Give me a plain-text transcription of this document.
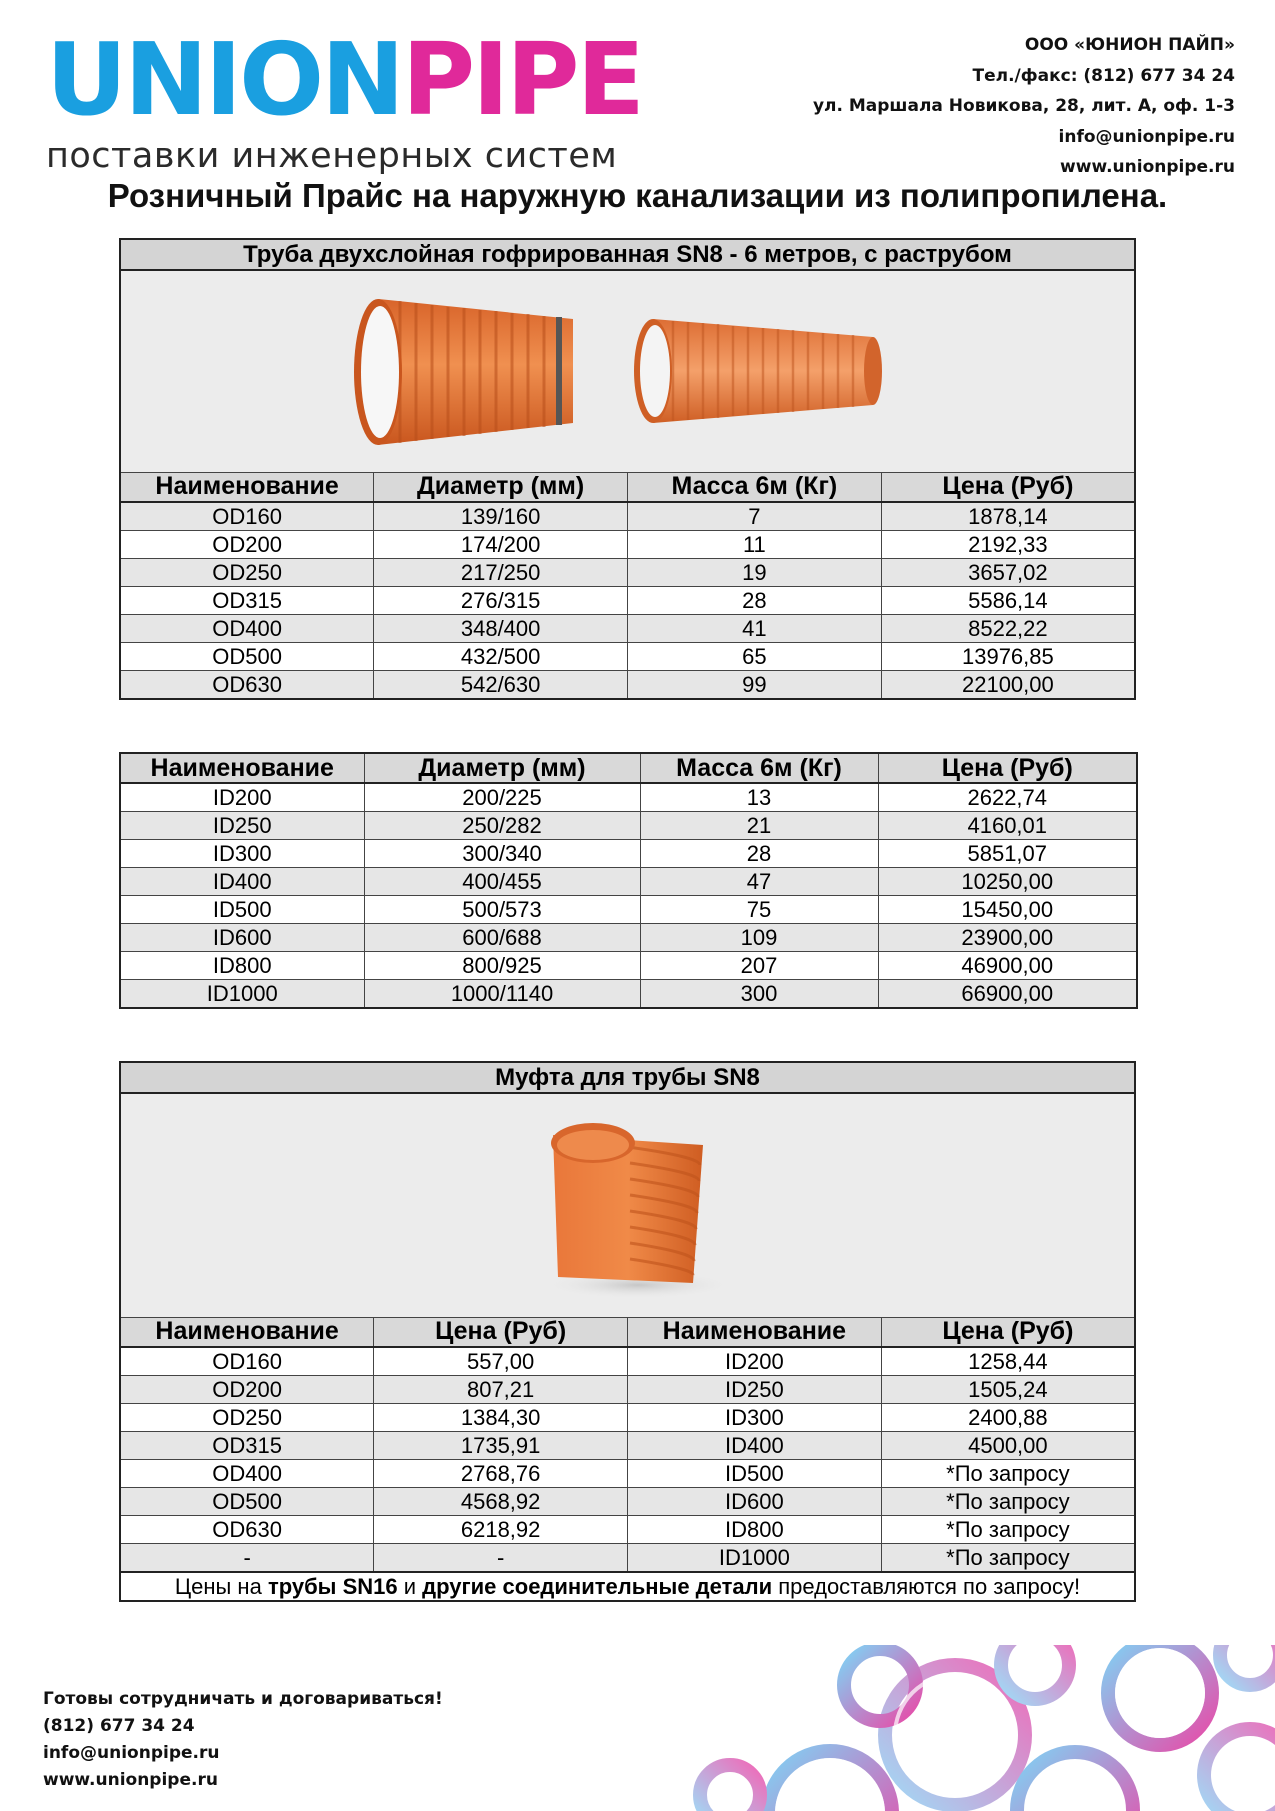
UNIONPIPE
поставки инженерных систем
ООО «ЮНИОН ПАЙП»
Тел./факс: (812) 677 34 24
ул. Маршала Новикова, 28, лит. А, оф. 1-3
info@unionpipe.ru
www.unionpipe.ru
Розничный Прайс на наружную канализации из полипропилена.
Труба двухслойная гофрированная SN8 - 6 метров, с раструбом			

Наименование	Диаметр (мм)	Масса 6м (Кг)	Цена (Руб)
OD160	139/160	7	1878,14
OD200	174/200	11	2192,33
OD250	217/250	19	3657,02
OD315	276/315	28	5586,14
OD400	348/400	41	8522,22
OD500	432/500	65	13976,85
OD630	542/630	99	22100,00
Наименование	Диаметр (мм)	Масса 6м (Кг)	Цена (Руб)
ID200	200/225	13	2622,74
ID250	250/282	21	4160,01
ID300	300/340	28	5851,07
ID400	400/455	47	10250,00
ID500	500/573	75	15450,00
ID600	600/688	109	23900,00
ID800	800/925	207	46900,00
ID1000	1000/1140	300	66900,00
Муфта для трубы SN8			

Наименование	Цена (Руб)	Наименование	Цена (Руб)
OD160	557,00	ID200	1258,44
OD200	807,21	ID250	1505,24
OD250	1384,30	ID300	2400,88
OD315	1735,91	ID400	4500,00
OD400	2768,76	ID500	*По запросу
OD500	4568,92	ID600	*По запросу
OD630	6218,92	ID800	*По запросу
-	-	ID1000	*По запросу
Цены на трубы SN16 и другие соединительные детали предоставляются по запросу!			
Готовы сотрудничать и договариваться!
(812) 677 34 24
info@unionpipe.ru
www.unionpipe.ru
